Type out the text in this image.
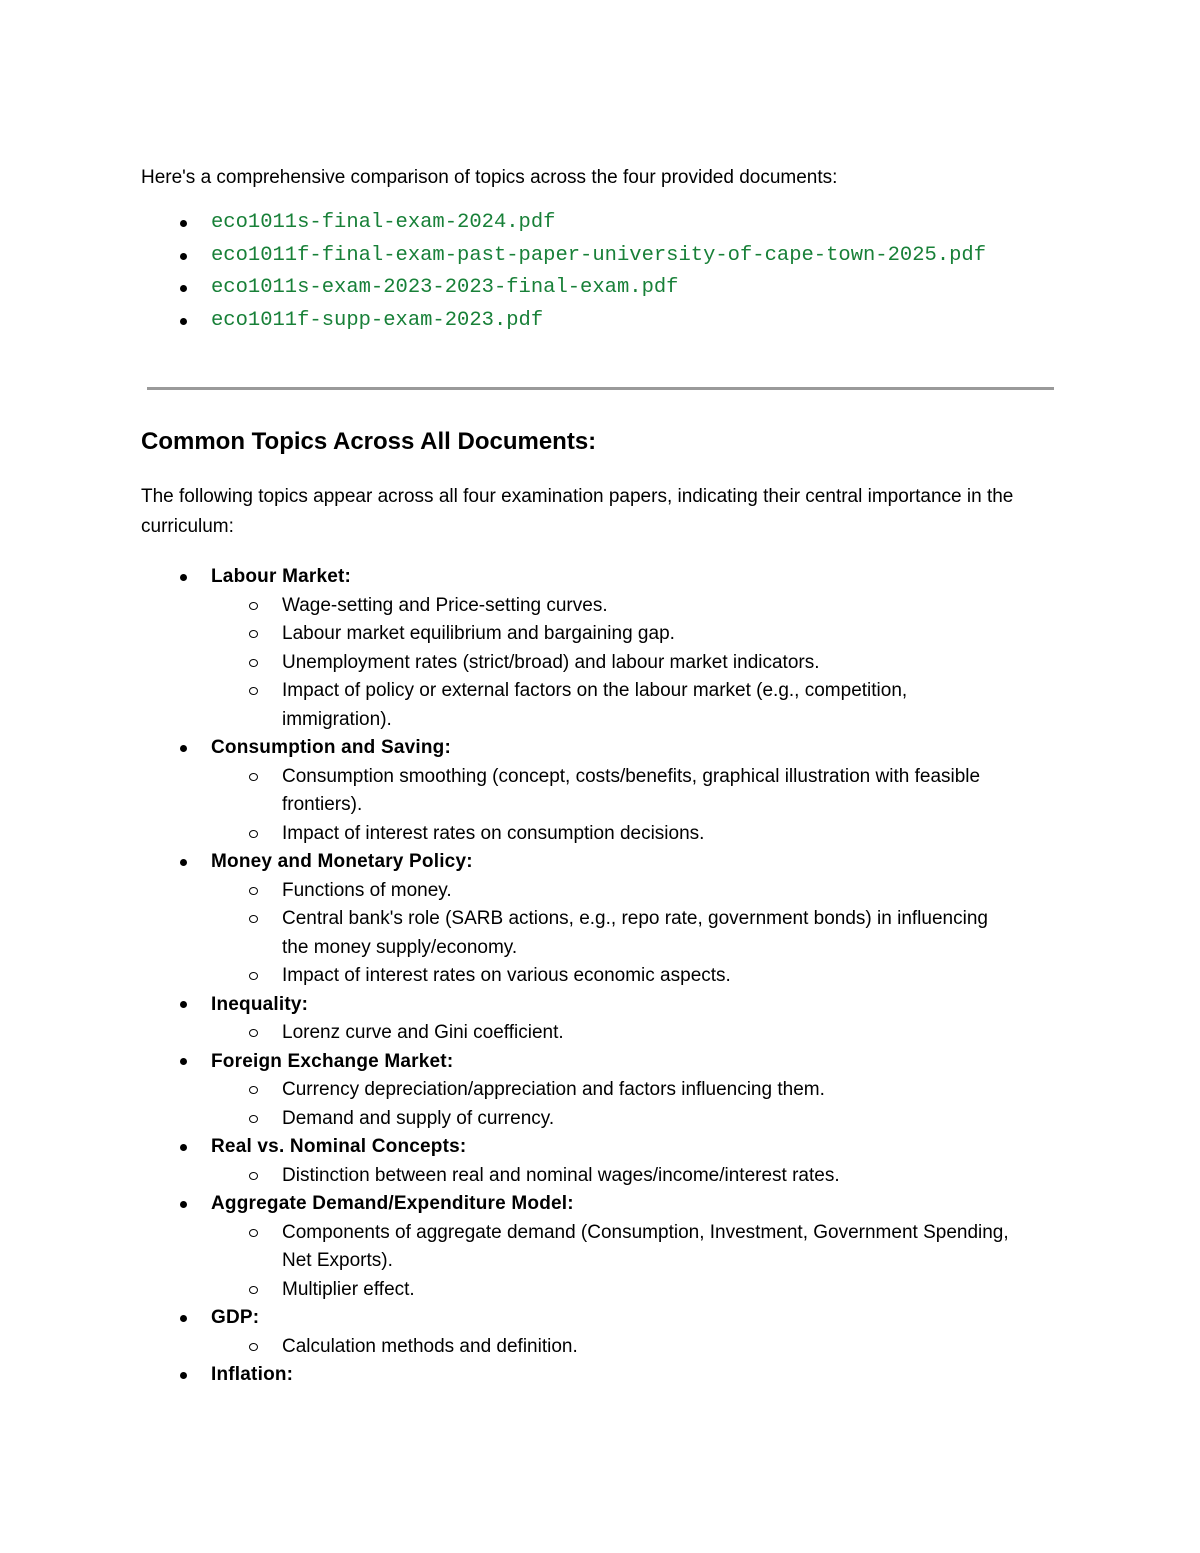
Here's a comprehensive comparison of topics across the four provided documents:

eco1011s-final-exam-2024.pdf
eco1011f-final-exam-past-paper-university-of-cape-town-2025.pdf
eco1011s-exam-2023-2023-final-exam.pdf
eco1011f-supp-exam-2023.pdf
Common Topics Across All Documents:

The following topics appear across all four examination papers, indicating their central importance in the curriculum:

Labour Market:
Wage-setting and Price-setting curves.
Labour market equilibrium and bargaining gap.
Unemployment rates (strict/broad) and labour market indicators.
Impact of policy or external factors on the labour market (e.g., competition, immigration).
Consumption and Saving:
Consumption smoothing (concept, costs/benefits, graphical illustration with feasible frontiers).
Impact of interest rates on consumption decisions.
Money and Monetary Policy:
Functions of money.
Central bank's role (SARB actions, e.g., repo rate, government bonds) in influencing the money supply/economy.
Impact of interest rates on various economic aspects.
Inequality:
Lorenz curve and Gini coefficient.
Foreign Exchange Market:
Currency depreciation/appreciation and factors influencing them.
Demand and supply of currency.
Real vs. Nominal Concepts:
Distinction between real and nominal wages/income/interest rates.
Aggregate Demand/Expenditure Model:
Components of aggregate demand (Consumption, Investment, Government Spending, Net Exports).
Multiplier effect.
GDP:
Calculation methods and definition.
Inflation:
